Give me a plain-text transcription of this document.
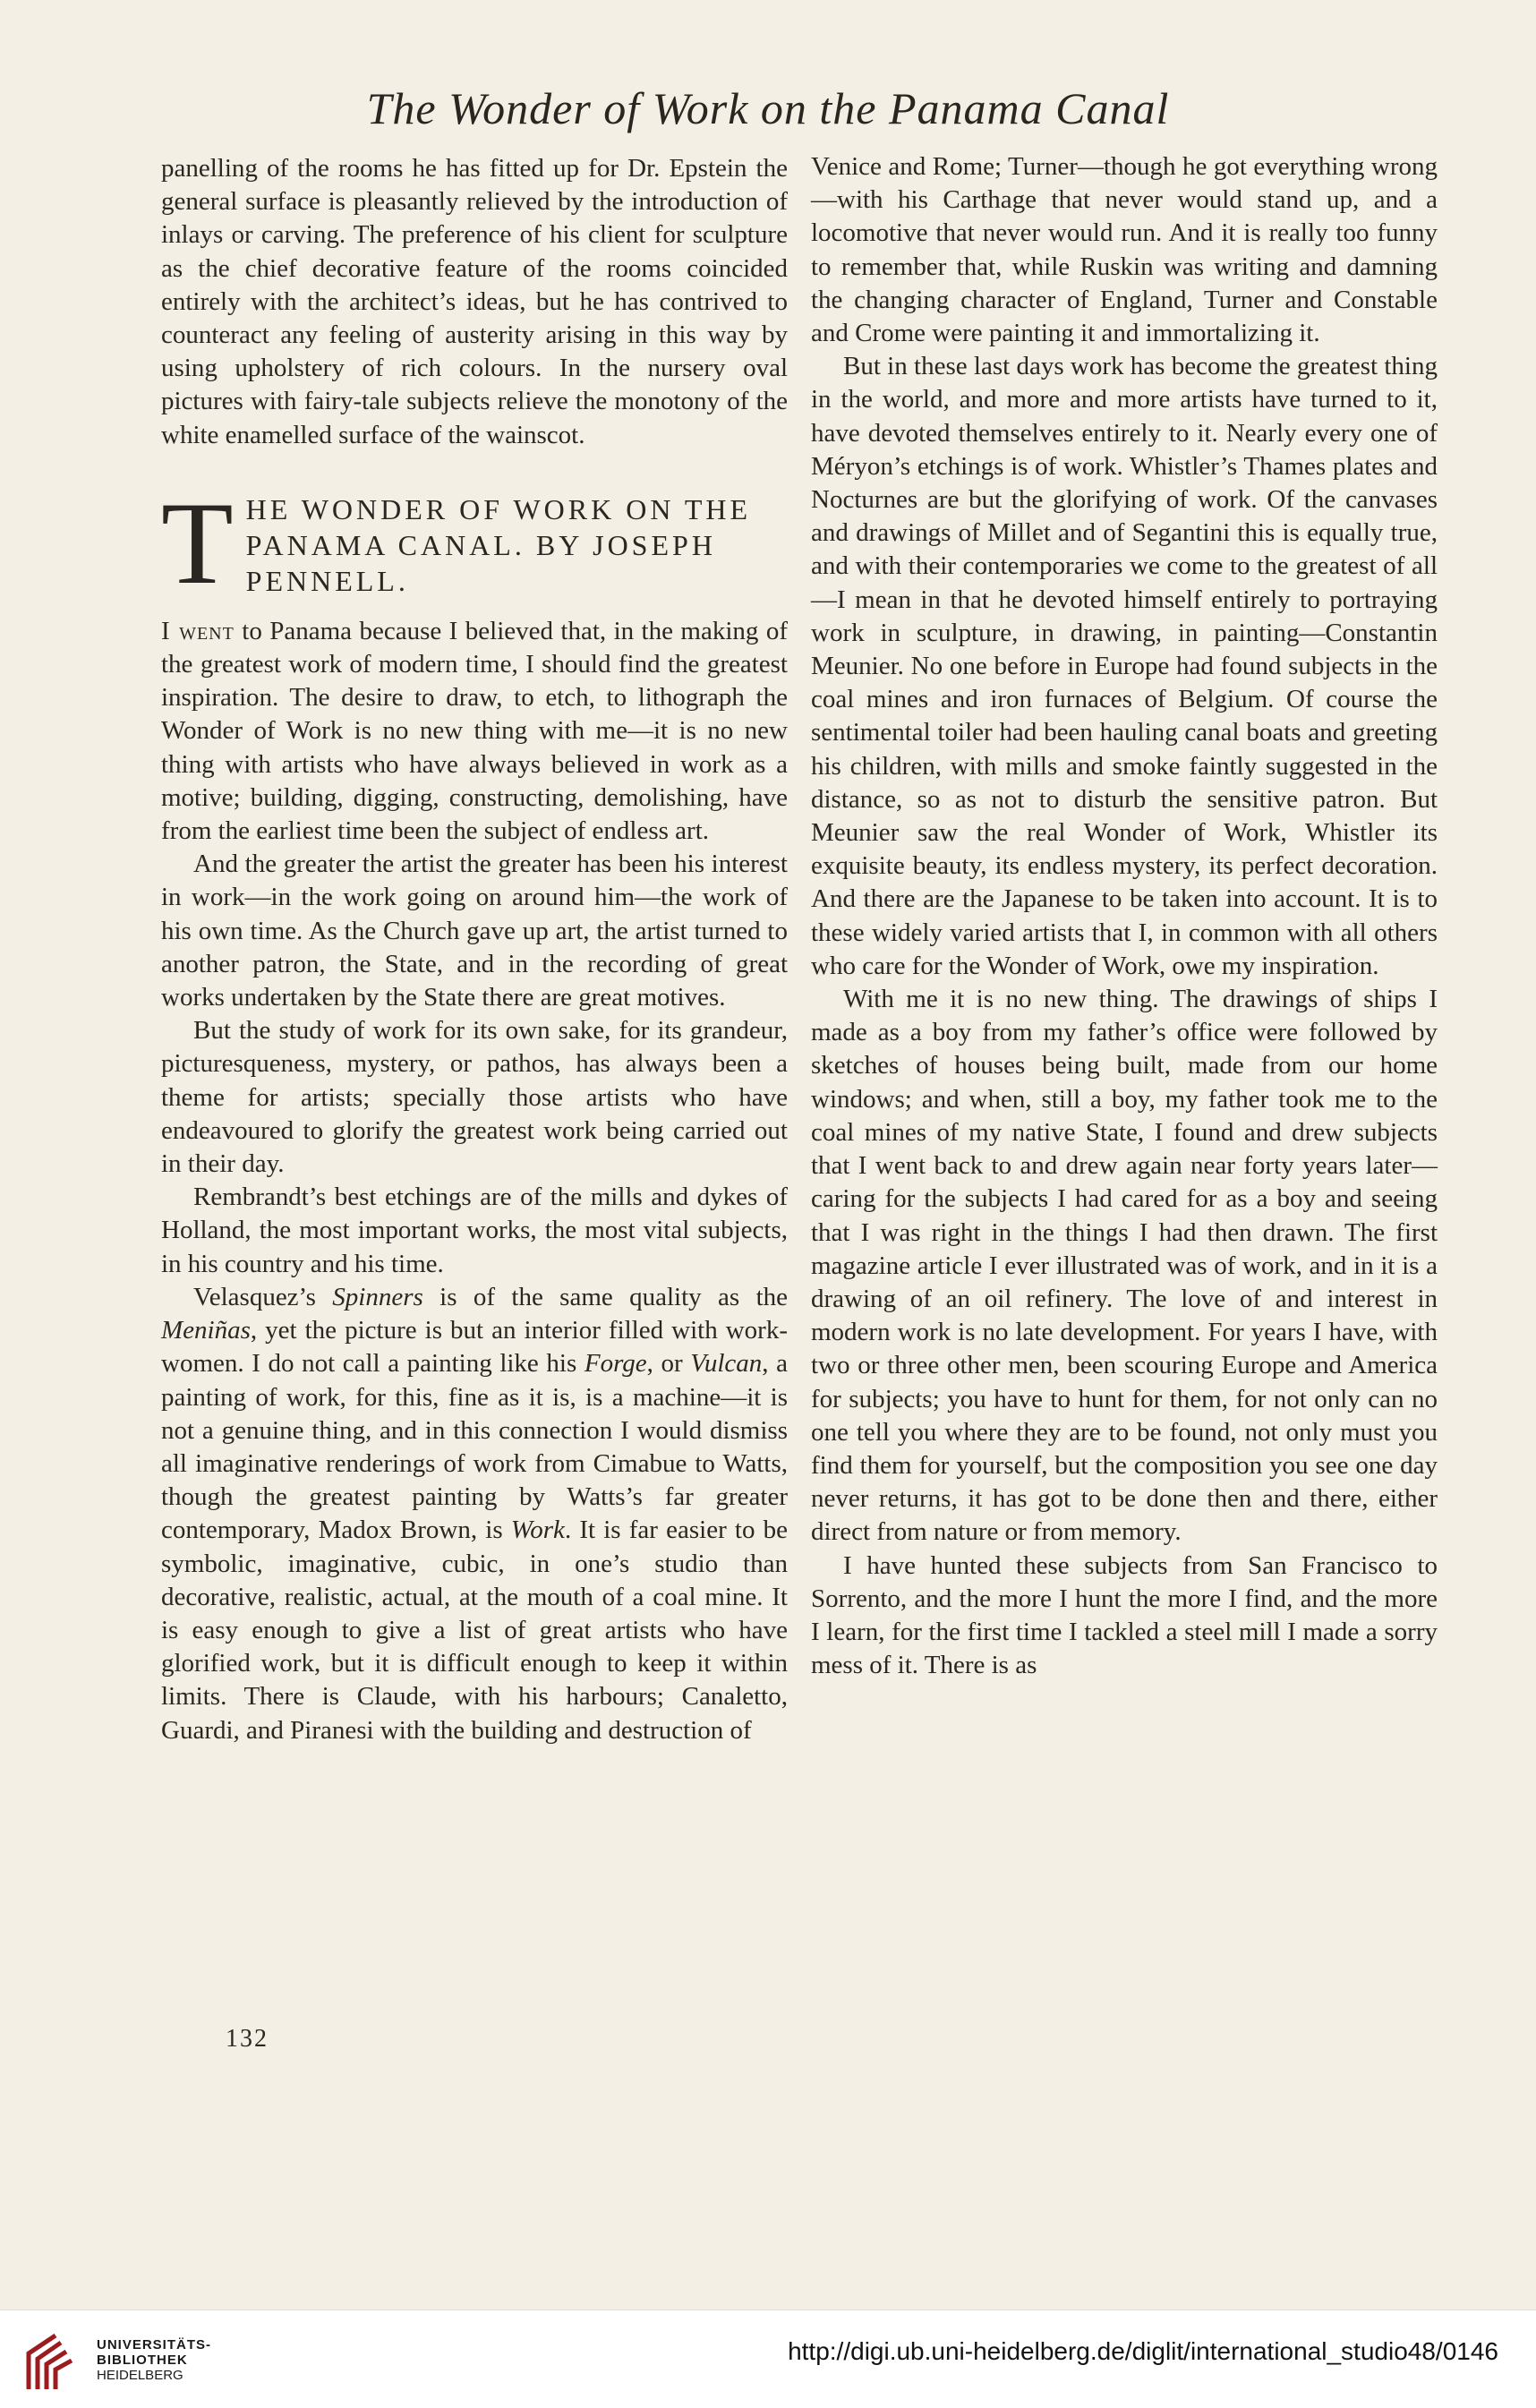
The Wonder of Work on the Panama Canal

panelling of the rooms he has fitted up for Dr. Epstein the general surface is pleasantly relieved by the introduction of inlays or carving. The preference of his client for sculpture as the chief decorative feature of the rooms coincided entirely with the architect’s ideas, but he has contrived to counteract any feeling of austerity arising in this way by using upholstery of rich colours. In the nursery oval pictures with fairy-tale subjects relieve the monotony of the white enamelled surface of the wainscot.

THE WONDER OF WORK ON THE PANAMA CANAL. BY JOSEPH PENNELL.

I went to Panama because I believed that, in the making of the greatest work of modern time, I should find the greatest inspiration. The desire to draw, to etch, to lithograph the Wonder of Work is no new thing with me—it is no new thing with artists who have always believed in work as a motive; building, digging, constructing, demolishing, have from the earliest time been the subject of endless art.

And the greater the artist the greater has been his interest in work—in the work going on around him—the work of his own time. As the Church gave up art, the artist turned to another patron, the State, and in the recording of great works undertaken by the State there are great motives.

But the study of work for its own sake, for its grandeur, picturesqueness, mystery, or pathos, has always been a theme for artists; specially those artists who have endeavoured to glorify the greatest work being carried out in their day.

Rembrandt’s best etchings are of the mills and dykes of Holland, the most important works, the most vital subjects, in his country and his time.

Velasquez’s Spinners is of the same quality as the Meniñas, yet the picture is but an interior filled with work-women. I do not call a painting like his Forge, or Vulcan, a painting of work, for this, fine as it is, is a machine—it is not a genuine thing, and in this connection I would dismiss all imaginative renderings of work from Cimabue to Watts, though the greatest painting by Watts’s far greater contemporary, Madox Brown, is Work. It is far easier to be symbolic, imaginative, cubic, in one’s studio than decorative, realistic, actual, at the mouth of a coal mine. It is easy enough to give a list of great artists who have glorified work, but it is difficult enough to keep it within limits. There is Claude, with his harbours; Canaletto, Guardi, and Piranesi with the building and destruction of

Venice and Rome; Turner—though he got everything wrong—with his Carthage that never would stand up, and a locomotive that never would run. And it is really too funny to remember that, while Ruskin was writing and damning the changing character of England, Turner and Constable and Crome were painting it and immortalizing it.

But in these last days work has become the greatest thing in the world, and more and more artists have turned to it, have devoted themselves entirely to it. Nearly every one of Méryon’s etchings is of work. Whistler’s Thames plates and Nocturnes are but the glorifying of work. Of the canvases and drawings of Millet and of Segantini this is equally true, and with their contemporaries we come to the greatest of all—I mean in that he devoted himself entirely to portraying work in sculpture, in drawing, in painting—Constantin Meunier. No one before in Europe had found subjects in the coal mines and iron furnaces of Belgium. Of course the sentimental toiler had been hauling canal boats and greeting his children, with mills and smoke faintly suggested in the distance, so as not to disturb the sensitive patron. But Meunier saw the real Wonder of Work, Whistler its exquisite beauty, its endless mystery, its perfect decoration. And there are the Japanese to be taken into account. It is to these widely varied artists that I, in common with all others who care for the Wonder of Work, owe my inspiration.

With me it is no new thing. The drawings of ships I made as a boy from my father’s office were followed by sketches of houses being built, made from our home windows; and when, still a boy, my father took me to the coal mines of my native State, I found and drew subjects that I went back to and drew again near forty years later—caring for the subjects I had cared for as a boy and seeing that I was right in the things I had then drawn. The first magazine article I ever illustrated was of work, and in it is a drawing of an oil refinery. The love of and interest in modern work is no late development. For years I have, with two or three other men, been scouring Europe and America for subjects; you have to hunt for them, for not only can no one tell you where they are to be found, not only must you find them for yourself, but the composition you see one day never returns, it has got to be done then and there, either direct from nature or from memory.

I have hunted these subjects from San Francisco to Sorrento, and the more I hunt the more I find, and the more I learn, for the first time I tackled a steel mill I made a sorry mess of it. There is as

132
UNIVERSITÄTS-
BIBLIOTHEK
HEIDELBERG
http://digi.ub.uni-heidelberg.de/diglit/international_studio48/0146
